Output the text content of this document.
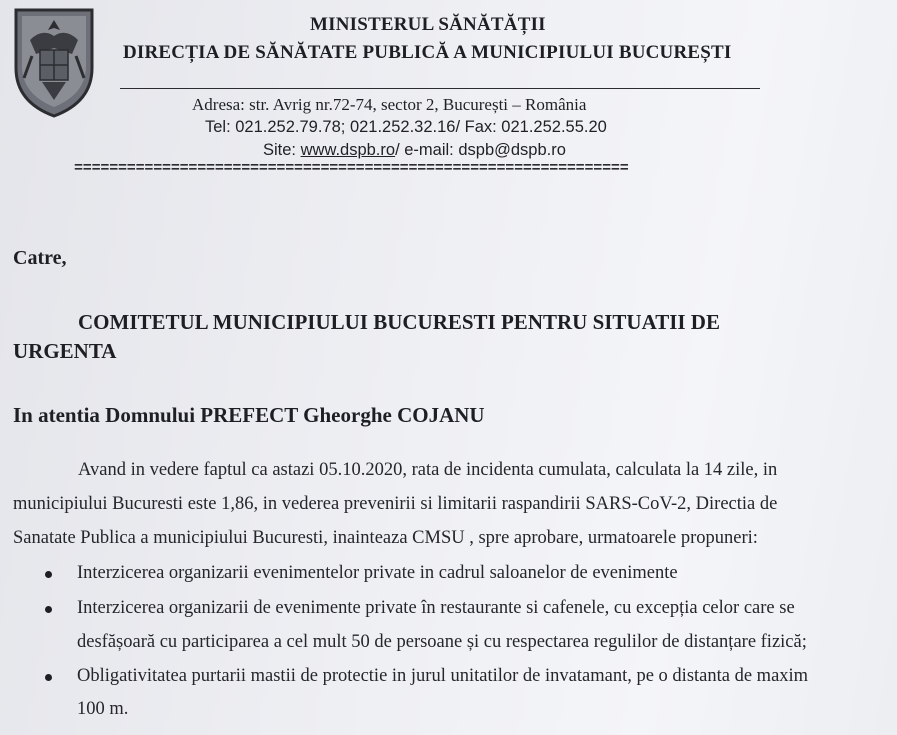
MINISTERUL SĂNĂTĂȚII
DIRECȚIA DE SĂNĂTATE PUBLICĂ A MUNICIPIULUI BUCUREȘTI
Adresa: str. Avrig nr.72-74, sector 2, București – România
Tel: 021.252.79.78; 021.252.32.16/ Fax: 021.252.55.20
Site: www.dspb.ro/ e-mail: dspb@dspb.ro
===============================================================
Catre,
COMITETUL MUNICIPIULUI BUCURESTI PENTRU SITUATII DE
URGENTA
In atentia Domnului PREFECT Gheorghe COJANU
Avand in vedere faptul ca astazi 05.10.2020, rata de incidenta cumulata, calculata la 14 zile, in
municipiului Bucuresti este 1,86, in vederea prevenirii si limitarii raspandirii SARS-CoV-2, Directia de
Sanatate Publica a municipiului Bucuresti, inainteaza CMSU , spre aprobare, urmatoarele propuneri:
Interzicerea organizarii evenimentelor private in cadrul saloanelor de evenimente
Interzicerea organizarii de evenimente private în restaurante si cafenele, cu excepția celor care se
desfășoară cu participarea a cel mult 50 de persoane și cu respectarea regulilor de distanțare fizică;
Obligativitatea purtarii mastii de protectie in jurul unitatilor de invatamant, pe o distanta de maxim
100 m.
